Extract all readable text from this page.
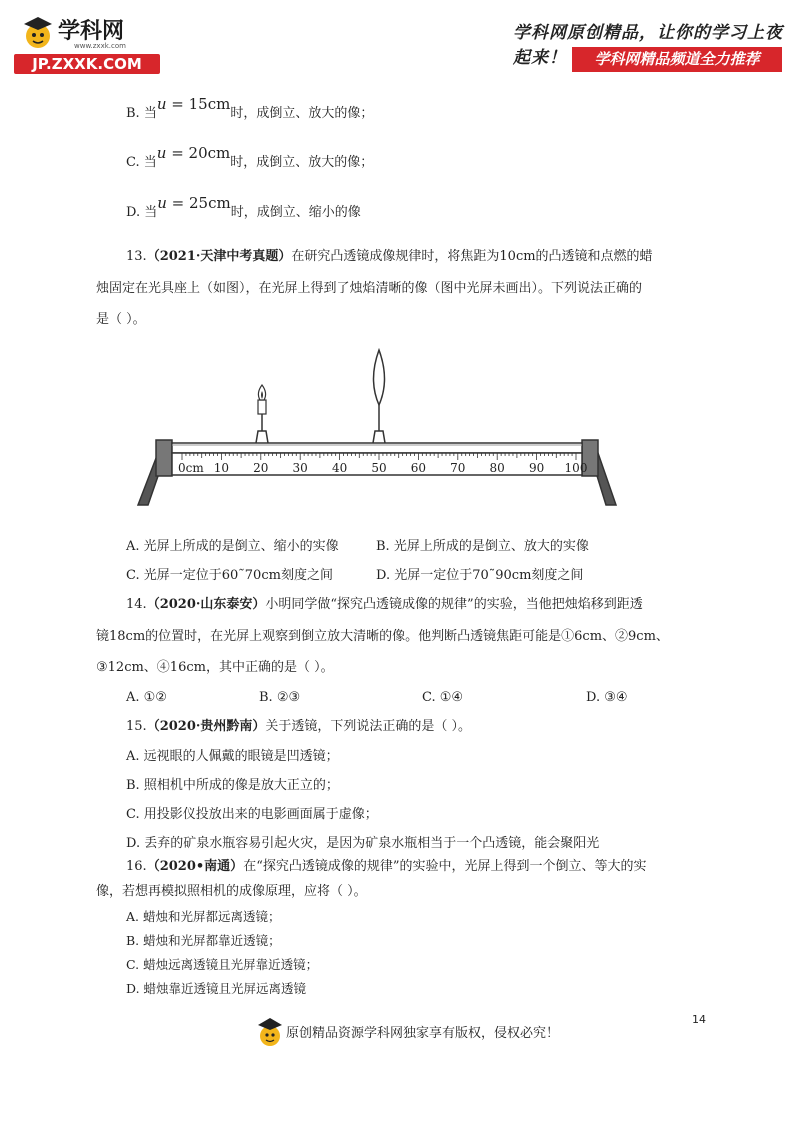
学科网
www.zxxk.com
JP.ZXXK.COM
学科网原创精品，让你的学习上夜起来！	学科网精品频道全力推荐
B. 当u = 15cm时，成倒立、放大的像；
C. 当u = 20cm时，成倒立、放大的像；
D. 当u = 25cm时，成倒立、缩小的像
13.（2021·天津中考真题）在研究凸透镜成像规律时，将焦距为10cm的凸透镜和点燃的蜡
烛固定在光具座上（如图），在光屏上得到了烛焰清晰的像（图中光屏未画出）。下列说法正确的
是（ ）。
0cm 10 20 30 40 50 60 70 80 90 100
A. 光屏上所成的是倒立、缩小的实像	B. 光屏上所成的是倒立、放大的实像
C. 光屏一定位于60˜70cm刻度之间	D. 光屏一定位于70˜90cm刻度之间
14.（2020·山东泰安）小明同学做“探究凸透镜成像的规律”的实验，当他把烛焰移到距透
镜18cm的位置时，在光屏上观察到倒立放大清晰的像。他判断凸透镜焦距可能是①6cm、②9cm、
③12cm、④16cm，其中正确的是（ ）。
A. ①②	B. ②③	C. ①④	D. ③④
15.（2020·贵州黔南）关于透镜，下列说法正确的是（ ）。
A. 远视眼的人佩戴的眼镜是凹透镜；
B. 照相机中所成的像是放大正立的；
C. 用投影仪投放出来的电影画面属于虚像；
D. 丢弃的矿泉水瓶容易引起火灾，是因为矿泉水瓶相当于一个凸透镜，能会聚阳光
16.（2020•南通）在“探究凸透镜成像的规律”的实验中，光屏上得到一个倒立、等大的实
像，若想再模拟照相机的成像原理，应将（ ）。
A. 蜡烛和光屏都远离透镜；
B. 蜡烛和光屏都靠近透镜；
C. 蜡烛远离透镜且光屏靠近透镜；
D. 蜡烛靠近透镜且光屏远离透镜
14
原创精品资源学科网独家享有版权，侵权必究！
